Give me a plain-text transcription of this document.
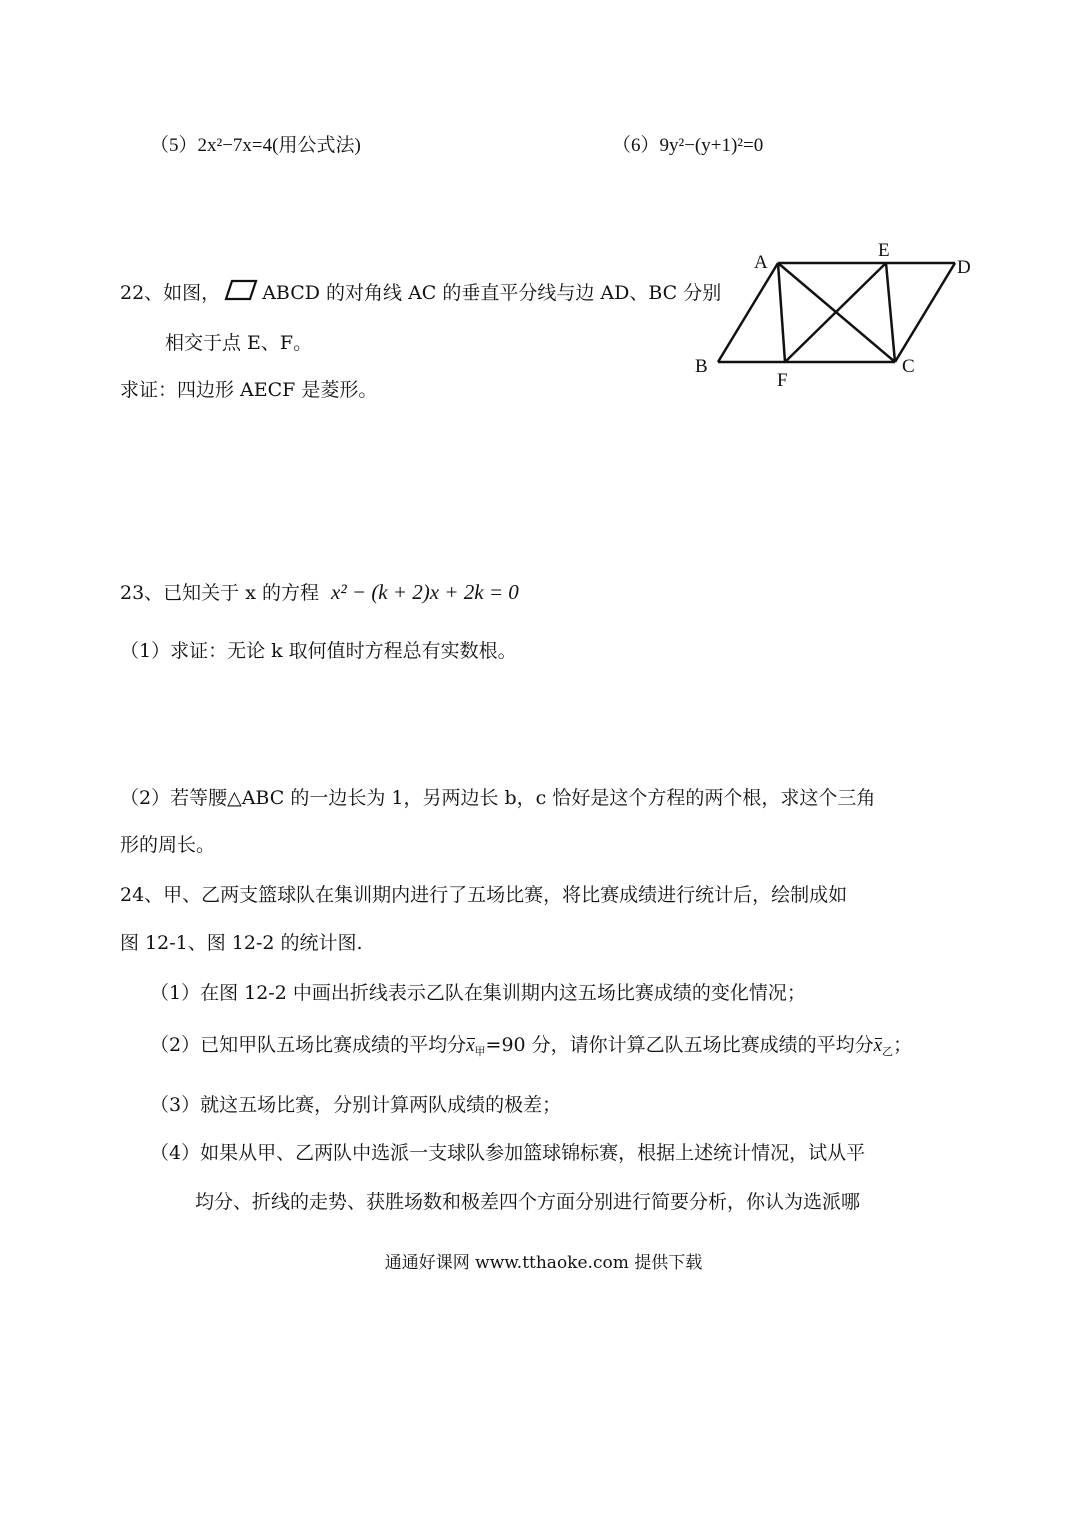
（5）2x²−7x=4(用公式法)	（6）9y²−(y+1)²=0
22、如图， ABCD 的对角线 AC 的垂直平分线与边 AD、BC 分别
相交于点 E、F。
求证：四边形 AECF 是菱形。
A
E
D
B
F
C
23、已知关于 x 的方程 x² − (k + 2)x + 2k = 0
（1）求证：无论 k 取何值时方程总有实数根。
（2）若等腰△ABC 的一边长为 1，另两边长 b，c 恰好是这个方程的两个根，求这个三角
形的周长。
24、甲、乙两支篮球队在集训期内进行了五场比赛，将比赛成绩进行统计后，绘制成如
图 12-1、图 12-2 的统计图.
（1）在图 12-2 中画出折线表示乙队在集训期内这五场比赛成绩的变化情况；
（2）已知甲队五场比赛成绩的平均分$x_甲=90$ 分，请你计算乙队五场比赛成绩的平均分$x_乙$；
（3）就这五场比赛，分别计算两队成绩的极差；
（4）如果从甲、乙两队中选派一支球队参加篮球锦标赛，根据上述统计情况，试从平
均分、折线的走势、获胜场数和极差四个方面分别进行简要分析，你认为选派哪
通通好课网 www.tthaoke.com 提供下载
